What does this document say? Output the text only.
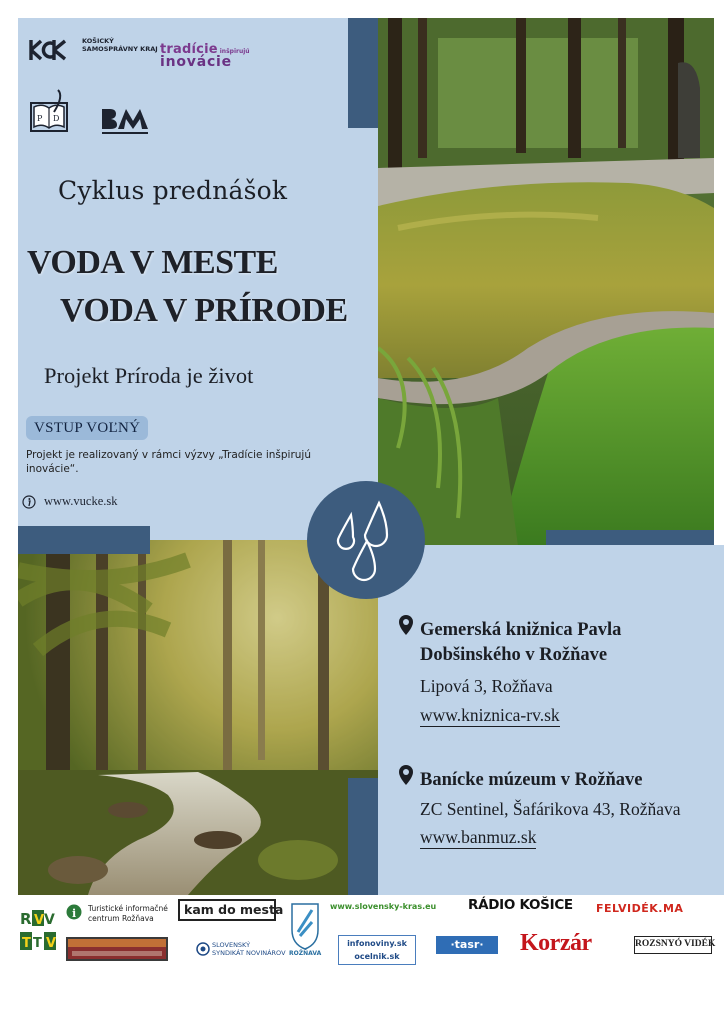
KOŠICKÝ SAMOSPRÁVNY KRAJ tradície inšpirujú
inovácie
P D
Cyklus prednášok
VODA V MESTE
VODA V PRÍRODE
Projekt Príroda je život
VSTUP VOĽNÝ
Projekt je realizovaný v rámci výzvy „Tradície inšpirujú inovácie“.
www.vucke.sk
Gemerská knižnica Pavla
Dobšinského v Rožňave
Lipová 3, Rožňava
www.kniznica-rv.sk
Banícke múzeum v Rožňave
ZC Sentinel, Šafárikova 43, Rožňava
www.banmuz.sk
R V V
T T V
i Turistické informačné
centrum Rožňava
kam do mesta
ROŽŇAVA
www.slovensky-kras.eu RÁDIO KOŠICE FELVIDÉK.MA
SLOVENSKÝ
SYNDIKÁT NOVINÁROV
infonoviny.sk
ocelnik.sk
·tasr·	Korzár	ROZSNYÓ VIDÉK
